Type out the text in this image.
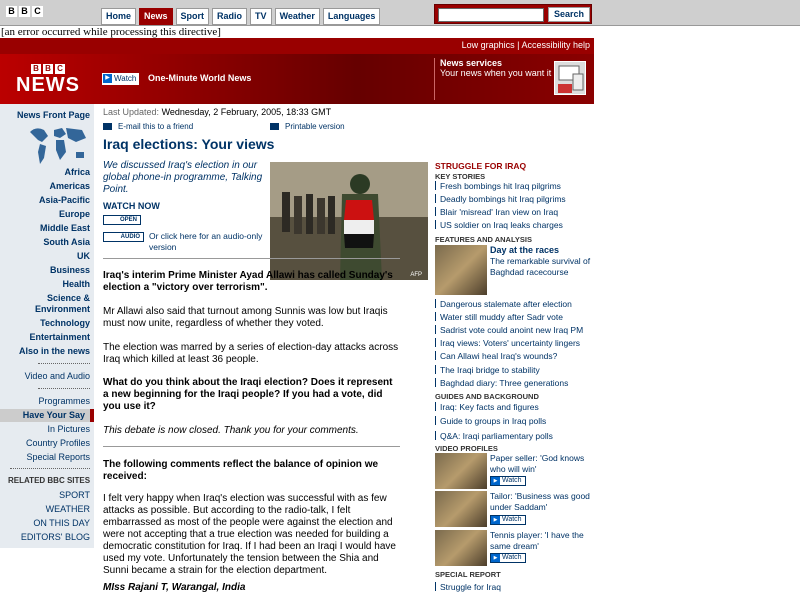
B B C	Home	News	Sport	Radio	TV	Weather	Languages	Search
[an error occurred while processing this directive]
Low graphics | Accessibility help
B B C
NEWS	▶ Watch	One-Minute World News
News services
Your news when you want it
News Front Page
Africa
Americas
Asia-Pacific
Europe
Middle East
South Asia
UK
Business
Health
Science &
Environment
Technology
Entertainment
Also in the news
Video and Audio
Programmes
Have Your Say
In Pictures
Country Profiles
Special Reports
RELATED BBC SITES
SPORT
WEATHER
ON THIS DAY
EDITORS' BLOG
Last Updated: Wednesday, 2 February, 2005, 18:33 GMT
E-mail this to a friend	Printable version
Iraq elections: Your views
We discussed Iraq's election in our global phone-in programme, Talking Point.
WATCH NOW
OPEN
AUDIO	Or click here for an audio-only version
AFP
Iraq's interim Prime Minister Ayad Allawi has called Sunday's election a "victory over terrorism".
Mr Allawi also said that turnout among Sunnis was low but Iraqis must now unite, regardless of whether they voted.
The election was marred by a series of election-day attacks across Iraq which killed at least 36 people.
What do you think about the Iraqi election? Does it represent a new beginning for the Iraqi people? If you had a vote, did you use it?
This debate is now closed. Thank you for your comments.
The following comments reflect the balance of opinion we received:
I felt very happy when Iraq's election was successful with as few attacks as possible. But according to the radio-talk, I felt embarrassed as most of the people were against the election and were not accepting that a true election was needed for building a democratic constitution for Iraq. If I had been an Iraqi I would have used my vote. Unfortunately the tension between the Shia and Sunni became a strain for the election department.
MIss Rajani T, Warangal, India
STRUGGLE FOR IRAQ
KEY STORIES
Fresh bombings hit Iraq pilgrims
Deadly bombings hit Iraq pilgrims
Blair 'misread' Iran view on Iraq
US soldier on Iraq leaks charges
FEATURES AND ANALYSIS
Day at the races
The remarkable survival of Baghdad racecourse
Dangerous stalemate after election
Water still muddy after Sadr vote
Sadrist vote could anoint new Iraq PM
Iraq views: Voters' uncertainty lingers
Can Allawi heal Iraq's wounds?
The Iraqi bridge to stability
Baghdad diary: Three generations
GUIDES AND BACKGROUND
Iraq: Key facts and figures
Guide to groups in Iraq polls
Q&A: Iraqi parliamentary polls
VIDEO PROFILES
Paper seller: 'God knows who will win'
▶ Watch
Tailor: 'Business was good under Saddam'
▶ Watch
Tennis player: 'I have the same dream'
▶ Watch
SPECIAL REPORT
Struggle for Iraq
